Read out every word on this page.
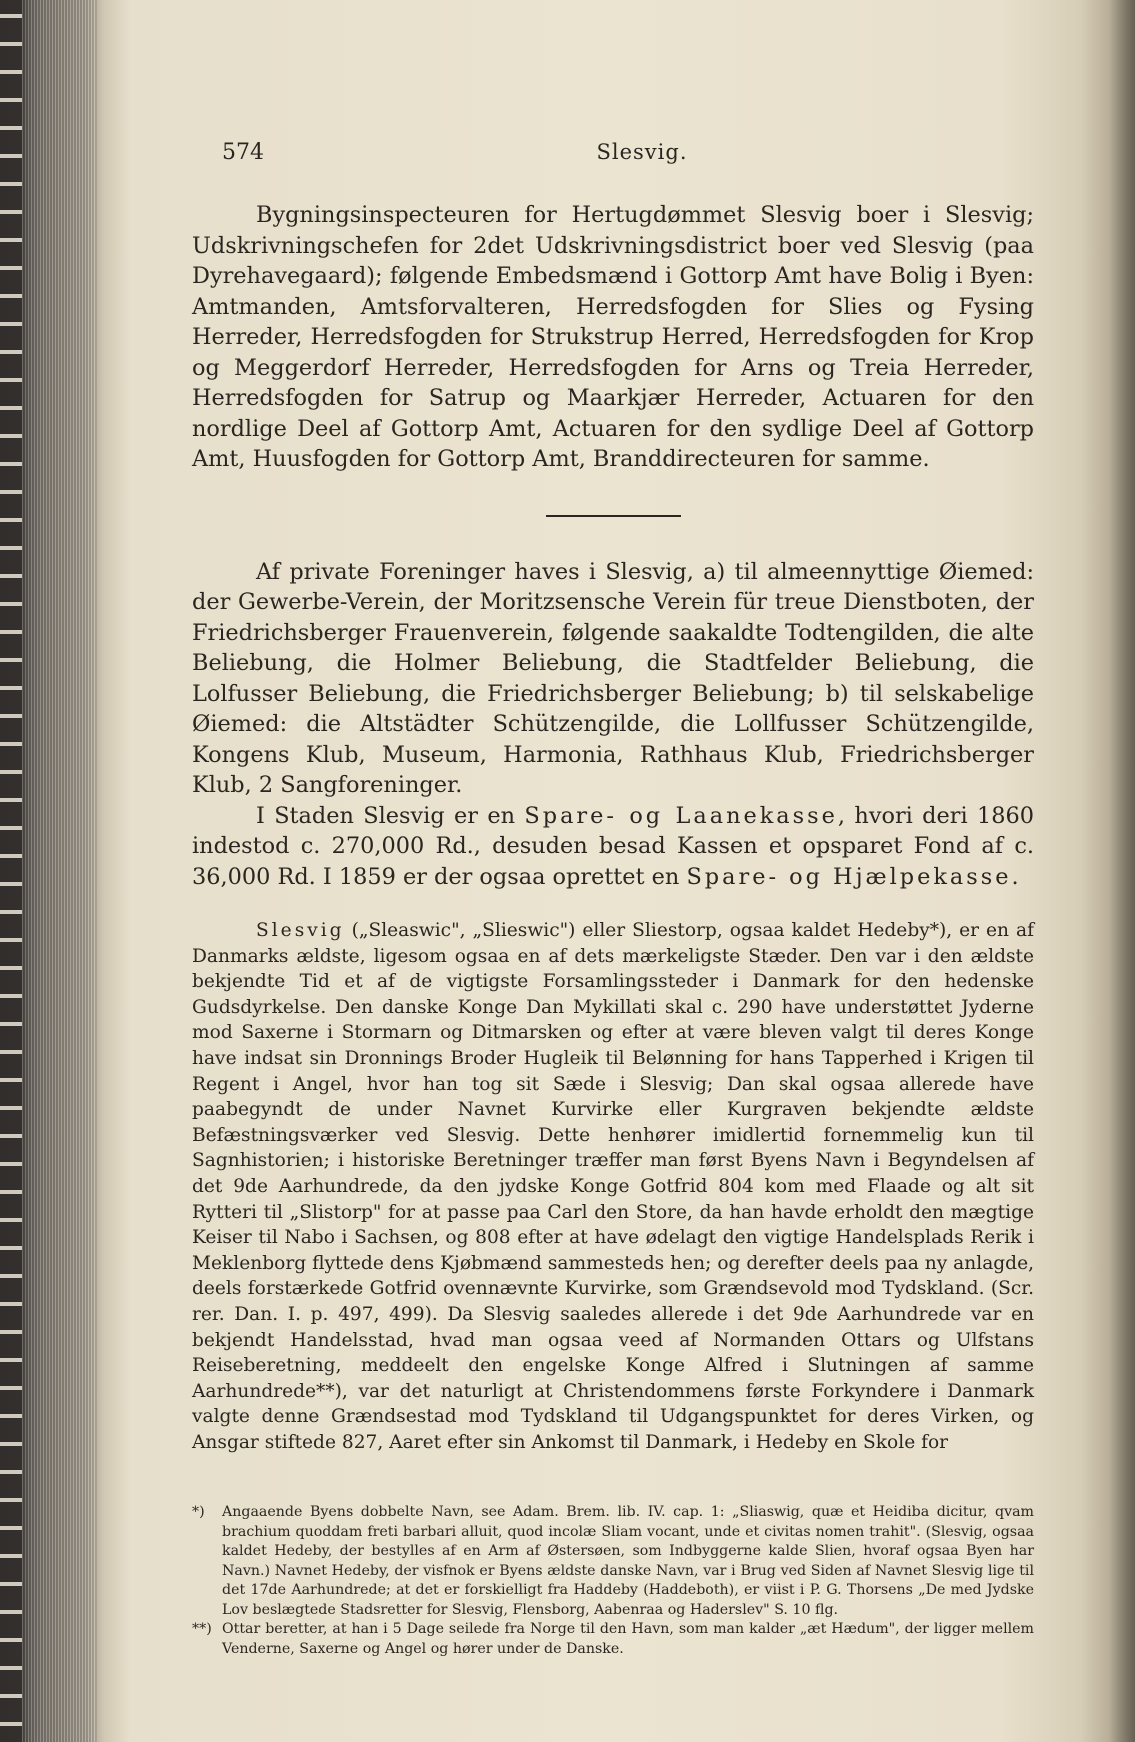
574	Slesvig.

Bygningsinspecteuren for Hertugdømmet Slesvig boer i Slesvig; Udskrivningschefen for 2det Udskrivningsdistrict boer ved Slesvig (paa Dyrehavegaard); følgende Embedsmænd i Gottorp Amt have Bolig i Byen: Amtmanden, Amtsforvalteren, Herredsfogden for Slies og Fysing Herreder, Herredsfogden for Strukstrup Herred, Herredsfogden for Krop og Meggerdorf Herreder, Herredsfogden for Arns og Treia Herreder, Herredsfogden for Satrup og Maarkjær Herreder, Actuaren for den nordlige Deel af Gottorp Amt, Actuaren for den sydlige Deel af Gottorp Amt, Huusfogden for Gottorp Amt, Branddirecteuren for samme.

Af private Foreninger haves i Slesvig, a) til almeennyttige Øiemed: der Gewerbe-Verein, der Moritzsensche Verein für treue Dienstboten, der Friedrichsberger Frauenverein, følgende saakaldte Todtengilden, die alte Beliebung, die Holmer Beliebung, die Stadtfelder Beliebung, die Lolfusser Beliebung, die Friedrichsberger Beliebung; b) til selskabelige Øiemed: die Altstädter Schützengilde, die Lollfusser Schützengilde, Kongens Klub, Museum, Harmonia, Rathhaus Klub, Friedrichsberger Klub, 2 Sangforeninger.

I Staden Slesvig er en Spare- og Laanekasse, hvori deri 1860 indestod c. 270,000 Rd., desuden besad Kassen et opsparet Fond af c. 36,000 Rd. I 1859 er der ogsaa oprettet en Spare- og Hjælpekasse.

Slesvig („Sleaswic", „Slieswic") eller Sliestorp, ogsaa kaldet Hedeby*), er en af Danmarks ældste, ligesom ogsaa en af dets mærkeligste Stæder. Den var i den ældste bekjendte Tid et af de vigtigste Forsamlingssteder i Danmark for den hedenske Gudsdyrkelse. Den danske Konge Dan Mykillati skal c. 290 have understøttet Jyderne mod Saxerne i Stormarn og Ditmarsken og efter at være bleven valgt til deres Konge have indsat sin Dronnings Broder Hugleik til Belønning for hans Tapperhed i Krigen til Regent i Angel, hvor han tog sit Sæde i Slesvig; Dan skal ogsaa allerede have paabegyndt de under Navnet Kurvirke eller Kurgraven bekjendte ældste Befæstningsværker ved Slesvig. Dette henhører imidlertid fornemmelig kun til Sagnhistorien; i historiske Beretninger træffer man først Byens Navn i Begyndelsen af det 9de Aarhundrede, da den jydske Konge Gotfrid 804 kom med Flaade og alt sit Rytteri til „Slistorp" for at passe paa Carl den Store, da han havde erholdt den mægtige Keiser til Nabo i Sachsen, og 808 efter at have ødelagt den vigtige Handelsplads Rerik i Meklenborg flyttede dens Kjøbmænd sammesteds hen; og derefter deels paa ny anlagde, deels forstærkede Gotfrid ovennævnte Kurvirke, som Grændsevold mod Tydskland. (Scr. rer. Dan. I. p. 497, 499). Da Slesvig saaledes allerede i det 9de Aarhundrede var en bekjendt Handelsstad, hvad man ogsaa veed af Normanden Ottars og Ulfstans Reiseberetning, meddeelt den engelske Konge Alfred i Slutningen af samme Aarhundrede**), var det naturligt at Christendommens første Forkyndere i Danmark valgte denne Grændsestad mod Tydskland til Udgangspunktet for deres Virken, og Ansgar stiftede 827, Aaret efter sin Ankomst til Danmark, i Hedeby en Skole for

*) Angaaende Byens dobbelte Navn, see Adam. Brem. lib. IV. cap. 1: „Sliaswig, quæ et Heidiba dicitur, qvam brachium quoddam freti barbari alluit, quod incolæ Sliam vocant, unde et civitas nomen trahit". (Slesvig, ogsaa kaldet Hedeby, der bestylles af en Arm af Østersøen, som Indbyggerne kalde Slien, hvoraf ogsaa Byen har Navn.) Navnet Hedeby, der visfnok er Byens ældste danske Navn, var i Brug ved Siden af Navnet Slesvig lige til det 17de Aarhundrede; at det er forskielligt fra Haddeby (Haddeboth), er viist i P. G. Thorsens „De med Jydske Lov beslægtede Stadsretter for Slesvig, Flensborg, Aabenraa og Haderslev" S. 10 flg.

**) Ottar beretter, at han i 5 Dage seilede fra Norge til den Havn, som man kalder „æt Hædum", der ligger mellem Venderne, Saxerne og Angel og hører under de Danske.
